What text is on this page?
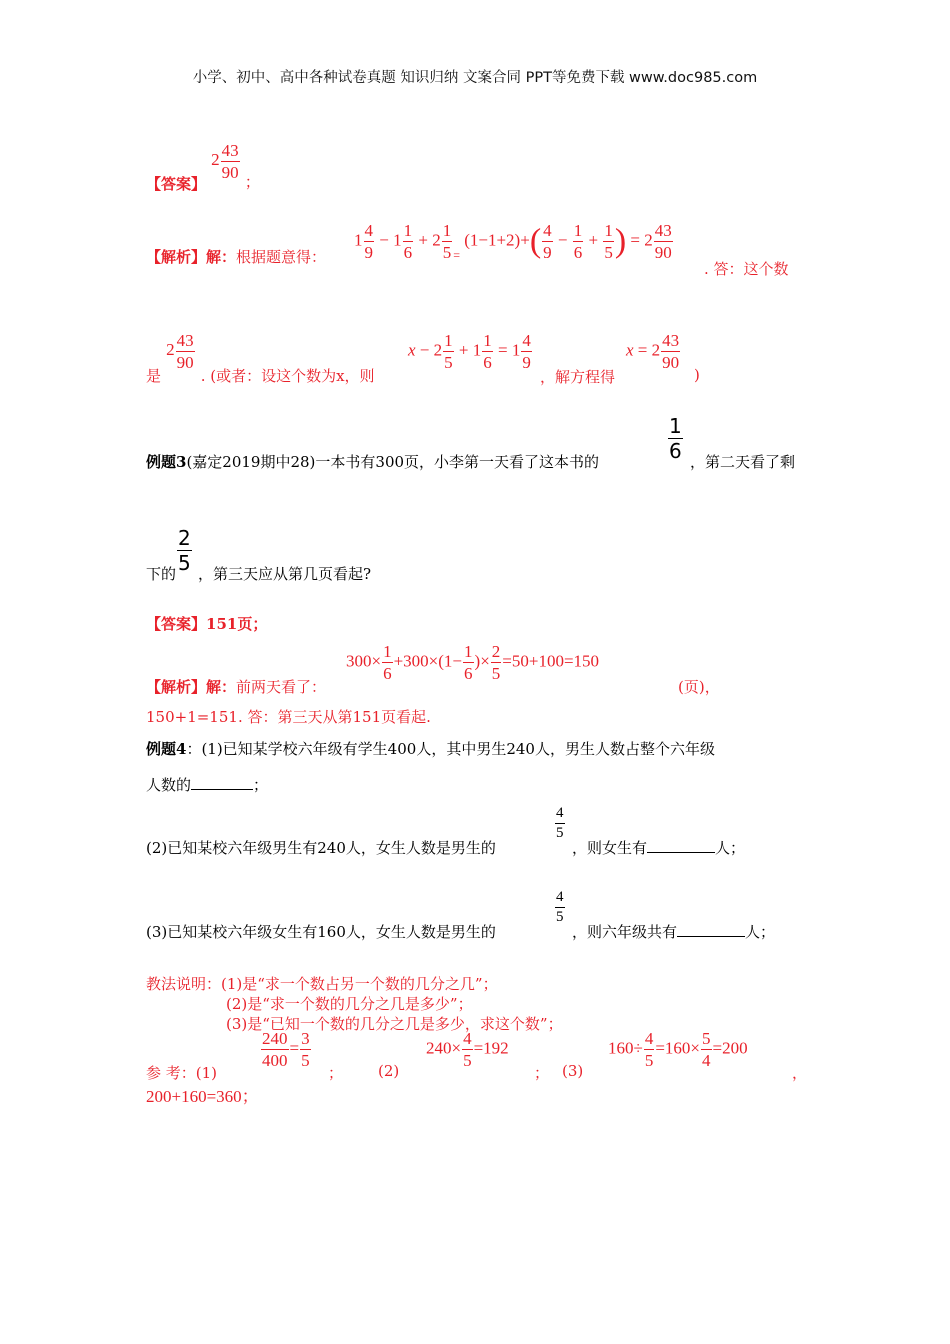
小学、初中、高中各种试卷真题 知识归纳 文案合同 PPT等免费下载 www.doc985.com
【答案】 $2 \frac{43}{90}$
；
【解析】解：根据题意得：
$1 \frac{4}{9} - 1 \frac{1}{6} + 2 \frac{1}{5} _=$ $(1-1+2)+( \frac{4}{9} - \frac{1}{6} + \frac{1}{5}$ ) = $2 \frac{43}{90}$
. 答：这个数
是 $2 \frac{43}{90}$
. (或者：设这个数为x，则
$x - 2 \frac{1}{5} + 1 \frac{1}{6} = 1 \frac{4}{9}$
，解方程得
$x = 2 \frac{43}{90}$
)
例题3(嘉定2019期中28)一本书有300页，小李第一天看了这本书的
$\frac{1}{6}$
，第二天看了剩
下的
$\frac{2}{5}$
，第三天应从第几页看起?
【答案】151页；
【解析】解：前两天看了：
$300\times \frac{1}{6} +300\times(1- \frac{1}{6}$ )× $\frac{2}{5} =50+100=150$
(页)，
150+1=151. 答：第三天从第151页看起.
例题4：(1)已知某学校六年级有学生400人，其中男生240人，男生人数占整个六年级
人数的	；
(2)已知某校六年级男生有240人，女生人数是男生的
$\frac{4}{5}$
，则女生有	人；
(3)已知某校六年级女生有160人，女生人数是男生的
$\frac{4}{5}$
，则六年级共有	人；
教法说明：(1)是“求一个数占另一个数的几分之几”；
(2)是“求一个数的几分之几是多少”；
(3)是“已知一个数的几分之几是多少，求这个数”；
参 考：(1)
$\frac{240}{400} = \frac{3}{5}$
； (2)
$240\times \frac{4}{5} =192$
； (3)
$160\div \frac{4}{5} =160\times \frac{5}{4} =200$
，
200+160=360；
